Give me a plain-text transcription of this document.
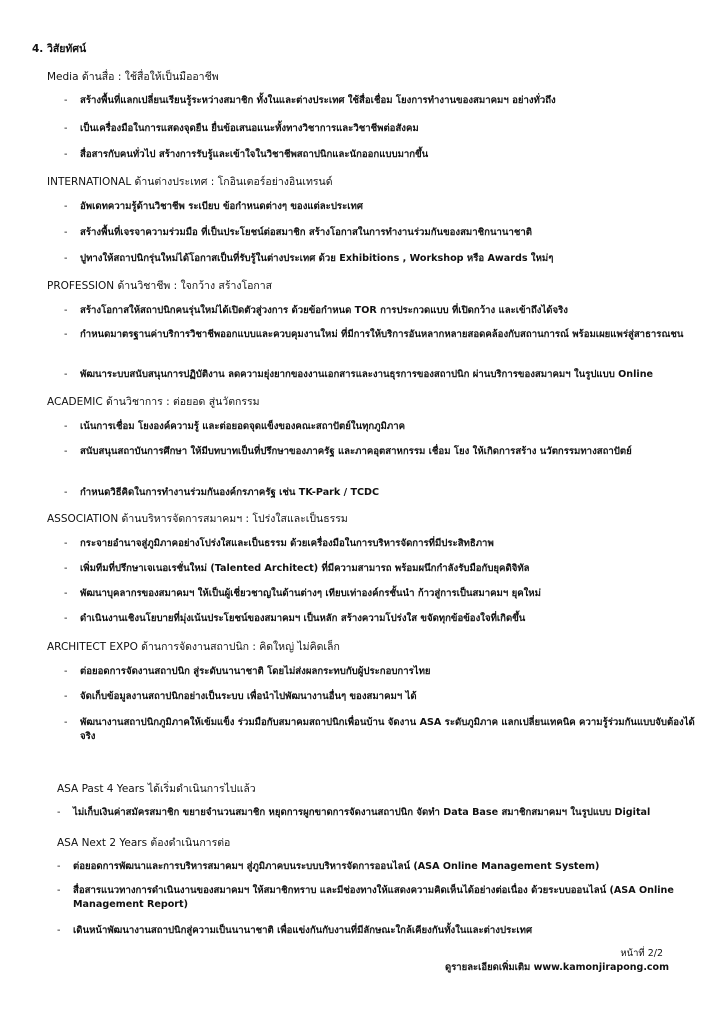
4. วิสัยทัศน์
Media ด้านสื่อ : ใช้สื่อให้เป็นมืออาชีพ
- สร้างพื้นที่แลกเปลี่ยนเรียนรู้ระหว่างสมาชิก ทั้งในและต่างประเทศ ใช้สื่อเชื่อม โยงการทำงานของสมาคมฯ อย่างทั่วถึง
- เป็นเครื่องมือในการแสดงจุดยืน ยื่นข้อเสนอแนะทั้งทางวิชาการและวิชาชีพต่อสังคม
- สื่อสารกับคนทั่วไป สร้างการรับรู้และเข้าใจในวิชาชีพสถาปนิกและนักออกแบบมากขึ้น
INTERNATIONAL ด้านต่างประเทศ : โกอินเตอร์อย่างอินเทรนด์
- อัพเดทความรู้ด้านวิชาชีพ ระเบียบ ข้อกำหนดต่างๆ ของแต่ละประเทศ
- สร้างพื้นที่เจรจาความร่วมมือ ที่เป็นประโยชน์ต่อสมาชิก สร้างโอกาสในการทำงานร่วมกันของสมาชิกนานาชาติ
- ปูทางให้สถาปนิกรุ่นใหม่ได้โอกาสเป็นที่รับรู้ในต่างประเทศ ด้วย Exhibitions , Workshop หรือ Awards ใหม่ๆ
PROFESSION ด้านวิชาชีพ : ใจกว้าง สร้างโอกาส
- สร้างโอกาสให้สถาปนิกคนรุ่นใหม่ได้เปิดตัวสู่วงการ ด้วยข้อกำหนด TOR การประกวดแบบ ที่เปิดกว้าง และเข้าถึงได้จริง
- กำหนดมาตรฐานค่าบริการวิชาชีพออกแบบและควบคุมงานใหม่ ที่มีการให้บริการอันหลากหลายสอดคล้องกับสถานการณ์ พร้อมเผยแพร่สู่สาธารณชน
- พัฒนาระบบสนับสนุนการปฏิบัติงาน ลดความยุ่งยากของงานเอกสารและงานธุรการของสถาปนิก ผ่านบริการของสมาคมฯ ในรูปแบบ Online
ACADEMIC ด้านวิชาการ : ต่อยอด สู่นวัตกรรม
- เน้นการเชื่อม โยงองค์ความรู้ และต่อยอดจุดแข็งของคณะสถาปัตย์ในทุกภูมิภาค
- สนับสนุนสถาบันการศึกษา ให้มีบทบาทเป็นที่ปรึกษาของภาครัฐ และภาคอุตสาหกรรม เชื่อม โยง ให้เกิดการสร้าง นวัตกรรมทางสถาปัตย์
- กำหนดวิธีคิดในการทำงานร่วมกันองค์กรภาครัฐ เช่น TK-Park / TCDC
ASSOCIATION ด้านบริหารจัดการสมาคมฯ : โปร่งใสและเป็นธรรม
- กระจายอำนาจสู่ภูมิภาคอย่างโปร่งใสและเป็นธรรม ด้วยเครื่องมือในการบริหารจัดการที่มีประสิทธิภาพ
- เพิ่มทีมที่ปรึกษาเจเนอเรชั่นใหม่ (Talented Architect) ที่มีความสามารถ พร้อมผนึกกำลังรับมือกับยุคดิจิทัล
- พัฒนาบุคลากรของสมาคมฯ ให้เป็นผู้เชี่ยวชาญในด้านต่างๆ เทียบเท่าองค์กรชั้นนำ ก้าวสู่การเป็นสมาคมฯ ยุคใหม่
- ดำเนินงานเชิงนโยบายที่มุ่งเน้นประโยชน์ของสมาคมฯ เป็นหลัก สร้างความโปร่งใส ขจัดทุกข้อข้องใจที่เกิดขึ้น
ARCHITECT EXPO ด้านการจัดงานสถาปนิก : คิดใหญ่ ไม่คิดเล็ก
- ต่อยอดการจัดงานสถาปนิก สู่ระดับนานาชาติ โดยไม่ส่งผลกระทบกับผู้ประกอบการไทย
- จัดเก็บข้อมูลงานสถาปนิกอย่างเป็นระบบ เพื่อนำไปพัฒนางานอื่นๆ ของสมาคมฯ ได้
- พัฒนางานสถาปนิกภูมิภาคให้เข้มแข็ง ร่วมมือกับสมาคมสถาปนิกเพื่อนบ้าน จัดงาน ASA ระดับภูมิภาค แลกเปลี่ยนเทคนิค ความรู้ร่วมกันแบบจับต้องได้จริง
ASA Past 4 Years ได้เริ่มดำเนินการไปแล้ว
- ไม่เก็บเงินค่าสมัครสมาชิก ขยายจำนวนสมาชิก หยุดการผูกขาดการจัดงานสถาปนิก จัดทำ Data Base สมาชิกสมาคมฯ ในรูปแบบ Digital
ASA Next 2 Years ต้องดำเนินการต่อ
- ต่อยอดการพัฒนาและการบริหารสมาคมฯ สู่ภูมิภาคบนระบบบริหารจัดการออนไลน์ (ASA Online Management System)
- สื่อสารแนวทางการดำเนินงานของสมาคมฯ ให้สมาชิกทราบ และมีช่องทางให้แสดงความคิดเห็นได้อย่างต่อเนื่อง ด้วยระบบออนไลน์ (ASA Online Management Report)
- เดินหน้าพัฒนางานสถาปนิกสู่ความเป็นนานาชาติ เพื่อแข่งกันกับงานที่มีลักษณะใกล้เคียงกันทั้งในและต่างประเทศ
หน้าที่ 2/2
ดูรายละเอียดเพิ่มเติม www.kamonjirapong.com
